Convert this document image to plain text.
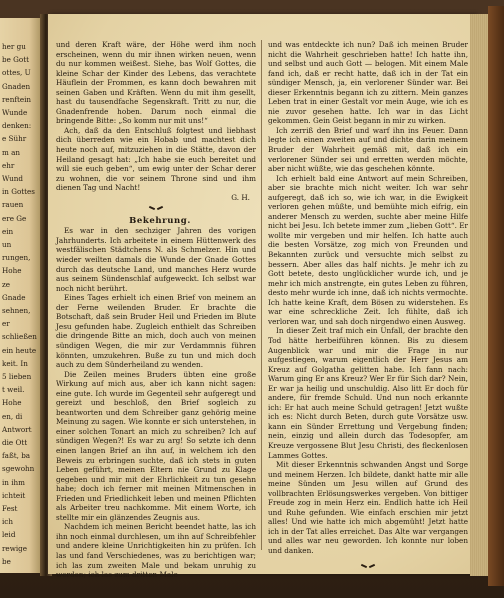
her gu
be Gott
ottes, U
Gnaden
renftein
Wunde
denken:
e Sühr
m an
ehr
Wund
in Gottes
rauen
ere Ge
ein
un
rungen,
Hohe
ze
Gnade
sehnen,
er
schließen
ein heute
keit. In
5 lieben
t weil.
Hohe
en, di
Antwort
die Ott
faßt, ba
sgewohn
in ihm
ichteit
Fest
ich
leid
rewige
be

und deren Kraft wäre, der Höhe werd ihm noch erscheinen, wenn du mir ihnen wirken neuen, wenn du nur kommen weißest. Siehe, bas Wolf Gottes, die kleine Schar der Kinder des Lebens, das verachtete Häuflein der Frommen, es kann doch bewahren mit seinen Gaben und Kräften. Wenn du mit ihm gesellt, hast du tausendfache Segenskraft. Tritt zu nur, die Gnadenfrende hoben. Darum noch einmal die bringende Bitte: „So komm nur mit uns!“

Ach, daß da den Entschluß folgtest und liebhast dich überreden wie ein Hobab und machtest dich heute noch auf, mitzuziehen in die Stätte, davon der Heiland gesagt hat: „Ich habe sie euch bereitet und will sie euch geben“, um ewig unter der Schar derer zu wohnen, die vor seinem Throne sind und ihm dienen Tag und Nacht!

G. H.

Bekehrung.

Es war in den sechziger Jahren des vorigen Jahrhunderts. Ich arbeitete in einem Hüttenwerk des westfälischen Städtchens N. als Schmelzer. Hin und wieder weilten damals die Wunde der Gnade Gottes durch das deutsche Land, und manches Herz wurde aus seinem Sündenschlaf aufgeweckt. Ich selbst war noch nicht berührt.

Eines Tages erhielt ich einen Brief von meinem an der Ferne weilenden Bruder. Er brachte die Botschaft, daß sein Bruder Heil und Frieden im Blute Jesu gefunden habe. Zugleich enthielt das Schreiben die dringende Bitte an mich, doch auch von meinen sündigen Wegen, die mir zur Verdammnis führen könnten, umzukehren. Buße zu tun und mich doch auch zu dem Sünderheiland zu wenden.

Die Zeilen meines Bruders übten eine große Wirkung auf mich aus, aber ich kann nicht sagen: eine gute. Ich wurde im Gegenteil sehr aufgeregt und gereizt und beschloß, den Brief sogleich zu beantworten und dem Schreiber ganz gehörig meine Meinung zu sagen. Wie konnte er sich unterstehen, in einer solchen Tonart an mich zu schreiben? Ich auf sündigen Wegen?! Es war zu arg! So setzte ich denn einen langen Brief an ihn auf, in welchem ich den Beweis zu erbringen suchte, daß ich stets in guten Leben geführt, meinen Eltern nie Grund zu Klage gegeben und mir mit der Ehrlichkeit zu tun gesehn habe; doch ich ferner mit meinen Mitmenschen in Frieden und Friedlichkeit leben und meinen Pflichten als Arbeiter treu nachkomme. Mit einem Worte, ich stellte mir ein glänzendes Zeugnis aus.

Nachdem ich meinen Bericht beendet hatte, las ich ihn noch einmal durchlesen, um ihn auf Schreibfehler und andere kleine Unrichtigkeiten hin zu prüfen. Ich las und fand Verschiedenes, was zu berichtigen war; ich las zum zweiten Male und bekam unruhig zu werden; ich las zum dritten Male

und was entdeckte ich nun? Daß ich meinen Bruder nicht die Wahrheit geschrieben hatte! Ich hatte ihn, und selbst und auch Gott — belogen. Mit einem Male fand ich, daß er recht hatte, daß ich in der Tat ein sündiger Mensch, ja, ein verlorener Sünder war. Bei dieser Erkenntnis begann ich zu zittern. Mein ganzes Leben trat in einer Gestalt vor mein Auge, wie ich es nie zuvor gesehen hatte. Ich war in das Licht gekommen. Gein Geist begann in mir zu wirken.

Ich zerriß den Brief und warf ihn ins Feuer. Dann legte ich einen zweiten auf und dichte darin meinem Bruder der Wahrheit gemäß mit, daß ich ein verlorener Sünder sei und erretten werden möchte, aber nicht wüßte, wie das geschehen könnte.

Ich erhielt bald eine Antwort auf mein Schreiben, aber sie brachte mich nicht weiter. Ich war sehr aufgeregt, daß ich so, wie ich war, in die Ewigkeit verloren gehen müßte, und bemühte mich eifrig, ein anderer Mensch zu werden, suchte aber meine Hilfe nicht bei Jesu. Ich betete immer zum „lieben Gott“. Er wollte mir vergeben und mir helfen. Ich hatte auch die besten Vorsätze, zog mich von Freunden und Bekannten zurück und versuchte mich selbst zu bessern. Aber alles das half nichts. Je mehr ich zu Gott betete, desto unglücklicher wurde ich, und je mehr ich mich anstrengte, ein gutes Leben zu führen, desto mehr wurde ich inne, daß ich nichts vermochte. Ich hatte keine Kraft, dem Bösen zu widerstehen. Es war eine schreckliche Zeit. Ich fühlte, daß ich verloren war, und sah doch nirgendwo einen Ausweg.

In dieser Zeit traf mich ein Unfall, der brachte den Tod hätte herbeiführen können. Bis zu diesem Augenblick war und mir die Frage in nur aufgestiegen, warum eigentlich der Herr Jesus am Kreuz auf Golgatha gelitten habe. Ich fann nach: Warum ging Er ans Kreuz? Wer Er für Sich dar? Nein, Er war ja heilig und unschuldig. Also litt Er doch für andere, für fremde Schuld. Und nun noch erkannte ich: Er hat auch meine Schuld getragen! Jetzt wußte ich es: Nicht durch Beten, durch gute Vorsätze usw. kann ein Sünder Errettung und Vergebung finden; nein, einzig und allein durch das Todesopfer, am Kreuze vergossene Blut Jesu Christi, des fleckenlosen Lammes Gottes.

Mit dieser Erkenntnis schwanden Angst und Sorge und meinem Herzen. Ich bildete, dankt hatte mir alle meine Sünden um Jesu willen auf Grund des vollbrachten Erlösungswerkes vergeben. Von bittiger Freude zog in mein Herz ein. Endlich hatte ich Heil und Ruhe gefunden. Wie einfach erschien mir jetzt alles! Und wie hatte ich mich abgemüht! Jetzt hatte ich in der Tat alles erreichet. Das Alte war vergangen und alles war neu geworden. Ich konnte nur loben und danken.
